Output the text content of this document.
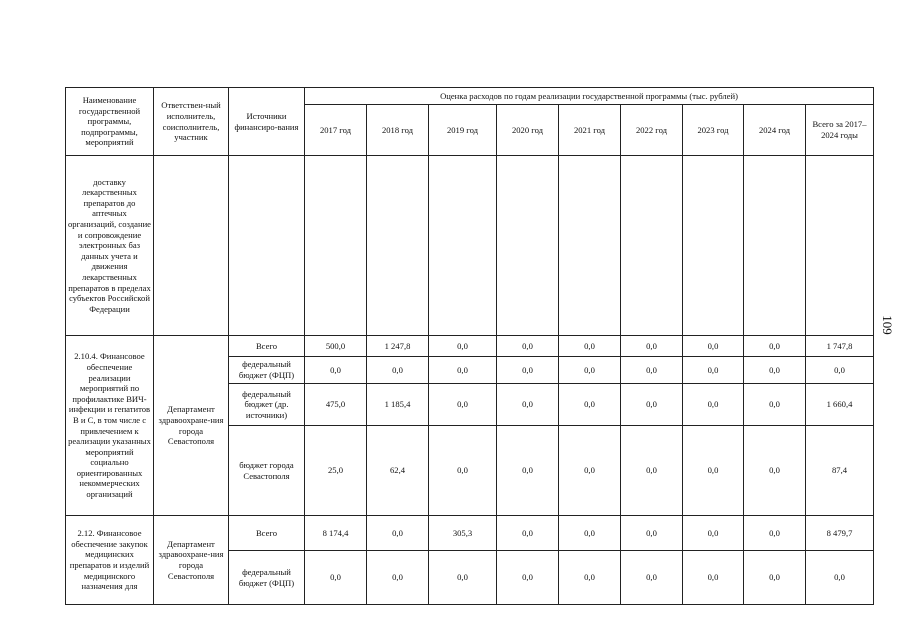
109
Наименование государственной программы, подпрограммы, мероприятий	Ответствен-ный исполнитель, соисполнитель, участник	Источники финансиро-вания	Оценка расходов по годам реализации государственной программы (тыс. рублей)								
			2017 год	2018 год	2019 год	2020 год	2021 год	2022 год	2023 год	2024 год	Всего за 2017–2024 годы
доставку лекарственных препаратов до аптечных организаций, создание и сопровождение электронных баз данных учета и движения лекарственных препаратов в пределах субъектов Российской Федерации											
2.10.4. Финансовое обеспечение реализации мероприятий по профилактике ВИЧ-инфекции и гепатитов В и С, в том числе с привлечением к реализации указанных мероприятий социально ориентированных некоммерческих организаций	Департамент здравоохране-ния города Севастополя	Всего	500,0	1 247,8	0,0	0,0	0,0	0,0	0,0	0,0	1 747,8
		федеральный бюджет (ФЦП)	0,0	0,0	0,0	0,0	0,0	0,0	0,0	0,0	0,0
		федеральный бюджет (др. источники)	475,0	1 185,4	0,0	0,0	0,0	0,0	0,0	0,0	1 660,4
		бюджет города Севастополя	25,0	62,4	0,0	0,0	0,0	0,0	0,0	0,0	87,4
2.12. Финансовое обеспечение закупок медицинских препаратов и изделий медицинского назначения для	Департамент здравоохране-ния города Севастополя	Всего	8 174,4	0,0	305,3	0,0	0,0	0,0	0,0	0,0	8 479,7
		федеральный бюджет (ФЦП)	0,0	0,0	0,0	0,0	0,0	0,0	0,0	0,0	0,0
